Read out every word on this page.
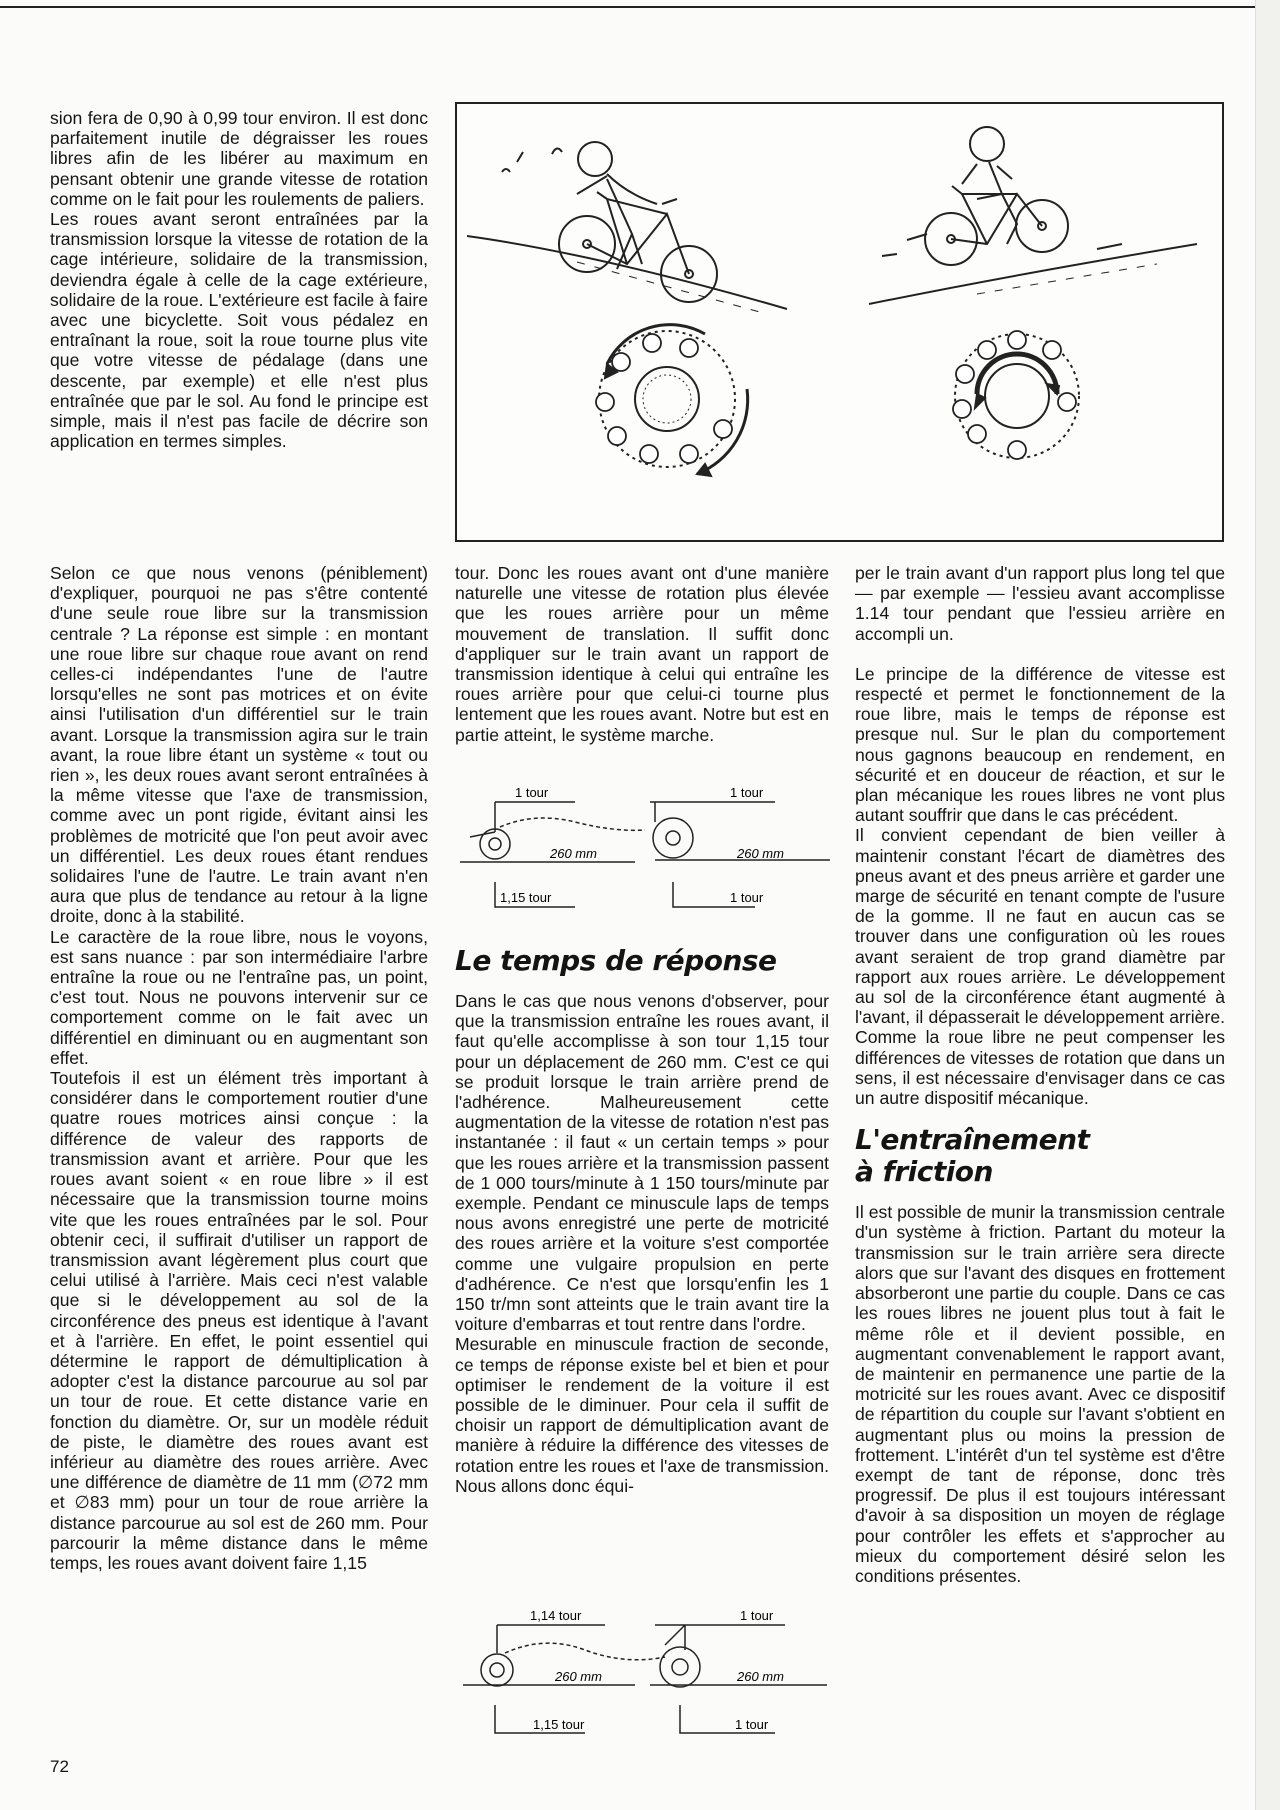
sion fera de 0,90 à 0,99 tour environ. Il est donc parfaitement inutile de dégraisser les roues libres afin de les libérer au maximum en pensant obtenir une grande vitesse de rotation comme on le fait pour les roulements de paliers.

Les roues avant seront entraînées par la transmission lorsque la vitesse de rotation de la cage intérieure, solidaire de la transmission, deviendra égale à celle de la cage extérieure, solidaire de la roue. L'extérieure est facile à faire avec une bicyclette. Soit vous pédalez en entraînant la roue, soit la roue tourne plus vite que votre vitesse de pédalage (dans une descente, par exemple) et elle n'est plus entraînée que par le sol. Au fond le principe est simple, mais il n'est pas facile de décrire son application en termes simples.

Selon ce que nous venons (péniblement) d'expliquer, pourquoi ne pas s'être contenté d'une seule roue libre sur la transmission centrale ? La réponse est simple : en montant une roue libre sur chaque roue avant on rend celles-ci indépendantes l'une de l'autre lorsqu'elles ne sont pas motrices et on évite ainsi l'utilisation d'un différentiel sur le train avant. Lorsque la transmission agira sur le train avant, la roue libre étant un système « tout ou rien », les deux roues avant seront entraînées à la même vitesse que l'axe de transmission, comme avec un pont rigide, évitant ainsi les problèmes de motricité que l'on peut avoir avec un différentiel. Les deux roues étant rendues solidaires l'une de l'autre. Le train avant n'en aura que plus de tendance au retour à la ligne droite, donc à la stabilité.

Le caractère de la roue libre, nous le voyons, est sans nuance : par son intermédiaire l'arbre entraîne la roue ou ne l'entraîne pas, un point, c'est tout. Nous ne pouvons intervenir sur ce comportement comme on le fait avec un différentiel en diminuant ou en augmentant son effet.

Toutefois il est un élément très important à considérer dans le comportement routier d'une quatre roues motrices ainsi conçue : la différence de valeur des rapports de transmission avant et arrière. Pour que les roues avant soient « en roue libre » il est nécessaire que la transmission tourne moins vite que les roues entraînées par le sol. Pour obtenir ceci, il suffirait d'utiliser un rapport de transmission avant légèrement plus court que celui utilisé à l'arrière. Mais ceci n'est valable que si le développement au sol de la circonférence des pneus est identique à l'avant et à l'arrière. En effet, le point essentiel qui détermine le rapport de démultiplication à adopter c'est la distance parcourue au sol par un tour de roue. Et cette distance varie en fonction du diamètre. Or, sur un modèle réduit de piste, le diamètre des roues avant est inférieur au diamètre des roues arrière. Avec une différence de diamètre de 11 mm (∅72 mm et ∅83 mm) pour un tour de roue arrière la distance parcourue au sol est de 260 mm. Pour parcourir la même distance dans le même temps, les roues avant doivent faire 1,15

tour. Donc les roues avant ont d'une manière naturelle une vitesse de rotation plus élevée que les roues arrière pour un même mouvement de translation. Il suffit donc d'appliquer sur le train avant un rapport de transmission identique à celui qui entraîne les roues arrière pour que celui-ci tourne plus lentement que les roues avant. Notre but est en partie atteint, le système marche.

1 tour	1 tour
260 mm	260 mm
1,15 tour	1 tour

Le temps de réponse

Dans le cas que nous venons d'observer, pour que la transmission entraîne les roues avant, il faut qu'elle accomplisse à son tour 1,15 tour pour un déplacement de 260 mm. C'est ce qui se produit lorsque le train arrière prend de l'adhérence. Malheureusement cette augmentation de la vitesse de rotation n'est pas instantanée : il faut « un certain temps » pour que les roues arrière et la transmission passent de 1 000 tours/minute à 1 150 tours/minute par exemple. Pendant ce minuscule laps de temps nous avons enregistré une perte de motricité des roues arrière et la voiture s'est comportée comme une vulgaire propulsion en perte d'adhérence. Ce n'est que lorsqu'enfin les 1 150 tr/mn sont atteints que le train avant tire la voiture d'embarras et tout rentre dans l'ordre.

Mesurable en minuscule fraction de seconde, ce temps de réponse existe bel et bien et pour optimiser le rendement de la voiture il est possible de le diminuer. Pour cela il suffit de choisir un rapport de démultiplication avant de manière à réduire la différence des vitesses de rotation entre les roues et l'axe de transmission. Nous allons donc équi-

1,14 tour	1 tour
260 mm	260 mm
1,15 tour	1 tour

per le train avant d'un rapport plus long tel que — par exemple — l'essieu avant accomplisse 1.14 tour pendant que l'essieu arrière en accompli un.

Le principe de la différence de vitesse est respecté et permet le fonctionnement de la roue libre, mais le temps de réponse est presque nul. Sur le plan du comportement nous gagnons beaucoup en rendement, en sécurité et en douceur de réaction, et sur le plan mécanique les roues libres ne vont plus autant souffrir que dans le cas précédent.

Il convient cependant de bien veiller à maintenir constant l'écart de diamètres des pneus avant et des pneus arrière et garder une marge de sécurité en tenant compte de l'usure de la gomme. Il ne faut en aucun cas se trouver dans une configuration où les roues avant seraient de trop grand diamètre par rapport aux roues arrière. Le développement au sol de la circonférence étant augmenté à l'avant, il dépasserait le développement arrière. Comme la roue libre ne peut compenser les différences de vitesses de rotation que dans un sens, il est nécessaire d'envisager dans ce cas un autre dispositif mécanique.

L'entraînement

à friction

Il est possible de munir la transmission centrale d'un système à friction. Partant du moteur la transmission sur le train arrière sera directe alors que sur l'avant des disques en frottement absorberont une partie du couple. Dans ce cas les roues libres ne jouent plus tout à fait le même rôle et il devient possible, en augmentant convenablement le rapport avant, de maintenir en permanence une partie de la motricité sur les roues avant. Avec ce dispositif de répartition du couple sur l'avant s'obtient en augmentant plus ou moins la pression de frottement. L'intérêt d'un tel système est d'être exempt de tant de réponse, donc très progressif. De plus il est toujours intéressant d'avoir à sa disposition un moyen de réglage pour contrôler les effets et s'approcher au mieux du comportement désiré selon les conditions présentes.

72
